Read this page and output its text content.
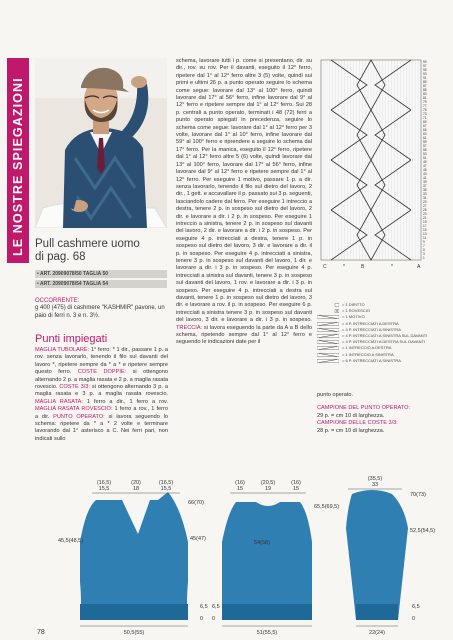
LE NOSTRE SPIEGAZIONI Pull cashmere uomo
di pag. 68
• ART. 20909078/50 TAGLIA 50
• ART. 20909078/54 TAGLIA 54
OCCORRENTE:
g 400 (475) di cashmere "KASHMIR" pavone, un paio di ferri n. 3 e n. 3½.
Punti impiegati
MAGLIA TUBOLARE: 1° ferro: * 1 dir., passare 1 p. a rov. senza lavorarlo, tenendo il filo sul davanti del lavoro *, ripetere sempre da * a * e ripetere sempre questo ferro. COSTE DOPPIE: si ottengono alternando 2 p. a maglia rasata e 2 p. a maglia rasata rovescio. COSTE 3/3: si ottengono alternando 3 p. a maglia rasata e 3 p. a maglia rasata rovescio. MAGLIA RASATA: 1 ferro a dir., 1 ferro a rov. MAGLIA RASATA ROVESCIO: 1 ferro a rov., 1 ferro a dir. PUNTO OPERATO: si lavora seguendo lo schema: ripetere da * a * 2 volte e terminare lavorando dal 1° asterisco a C. Nei ferri pari, non indicati sullo
schema, lavorare tutti i p. come si presentano, dir. su dir., rov. su rov. Per il davanti, eseguito il 12° ferro, ripetere dal 1° al 12° ferro altre 3 (5) volte, quindi sui primi e ultimi 26 p. a punto operato seguire lo schema come segue: lavorare dal 13° al 100° ferro, quindi lavorare dal 17° al 56° ferro, infine lavorare dal 9° al 12° ferro e ripetere sempre dal 1° al 12° ferro. Sui 28 p. centrali a punto operato, terminati i 48 (72) ferri a punto operato spiegati in precedenza, seguire lo schema come segue: lavorare dal 1° al 12° ferro per 3 volte, lavorare dal 1° al 10° ferro, infine lavorare dal 59° al 100° ferro e riprendere a seguire lo schema dal 17° ferro. Per la manica, eseguito il 12° ferro, ripetere dal 1° al 12° ferro altre 5 (6) volte, quindi lavorare dal 13° al 100° ferro, lavorare dal 17° al 56° ferro, infine lavorare dal 9° al 12° ferro e ripetere sempre dal 1° al 12° ferro. Per eseguire 1 motivo, passare 1 p. a dir. senza lavorarlo, tenendo il filo sul dietro del lavoro, 2 dir., 1 gett. e accavallare il p. passato sui 3 p. seguenti, lasciandolo cadere dal ferro. Per eseguire 1 intreccio a destra, tenere 2 p. in sospeso sul dietro del lavoro, 2 dir. e lavorare a dir. i 2 p. in sospeso. Per eseguire 1 intreccio a sinistra, tenere 2 p. in sospeso sul davanti del lavoro, 2 dir. e lavorare a dir. i 2 p. in sospeso. Per eseguire 4 p. intrecciati a destra, tenere 1 p. in sospeso sul dietro del lavoro, 3 dir. e lavorare a dir. il p. in sospeso. Per eseguire 4 p. intrecciati a sinistra, tenere 3 p. in sospeso sul davanti del lavoro, 1 dir. e lavorare a dir. i 3 p. in sospeso. Per eseguire 4 p. intrecciati a sinistra sul davanti, tenere 3 p. in sospeso sul davanti del lavoro, 1 rov. e lavorare a dir. i 3 p. in sospeso. Per eseguire 4 p. intrecciati a destra sul davanti, tenere 1 p. in sospeso sul dietro del lavoro, 3 dir. e lavorare a rov. il p. in sospeso. Per eseguire 6 p. intrecciati a sinistra tenere 3 p. in sospeso sul davanti del lavoro, 3 dir. e lavorare a dir. i 3 p. in sospeso. TRECCIA: si lavora eseguendo la parte da A a B dello schema, ripetendo sempre dal 1° al 12° ferro e seguendo le indicazioni date per il
99
97
95
93
91
89
87
85
83
81
79
77
75
73
71
69
67
65
63
61
59
57
55
53
51
49
47
45
43
41
39
37
35
33
31
29
27
25
23
21
19
17
15
13
11
9
7
5
3
1
C	B	A
*	*
= 1 DIRITTO
= 1 ROVESCIO
= 1 MOTIVO
= 4 P. INTRECCIATI A DESTRA
= 4 P. INTRECCIATI A SINISTRA
= 4 P. INTRECCIATI A SINISTRA SUL DAVANTI
= 4 P. INTRECCIATI A DESTRA SUL DAVANTI
= 1 INTRECCIO A DESTRA
= 1 INTRECCIO A SINISTRA
= 6 P. INTRECCIATI A SINISTRA
punto operato.
CAMPIONE DEL PUNTO OPERATO:
29 p. = cm 10 di larghezza.
CAMPIONE DELLE COSTE 3/3:
28 p. = cm 10 di larghezza.
(16,5)
15,5
(20)
18
(16,5)
15,5
66(70)
45(47)
45,5(48,5)
6,5
0
50,5(55)
(16)
15
(20,5)
19
(16)
15
65,5(69,5)
54(58)
6,5
0
51(55,5)
(35,5)
33
70(73)
52,5(54,5)
6,5
0
22(24)
78
